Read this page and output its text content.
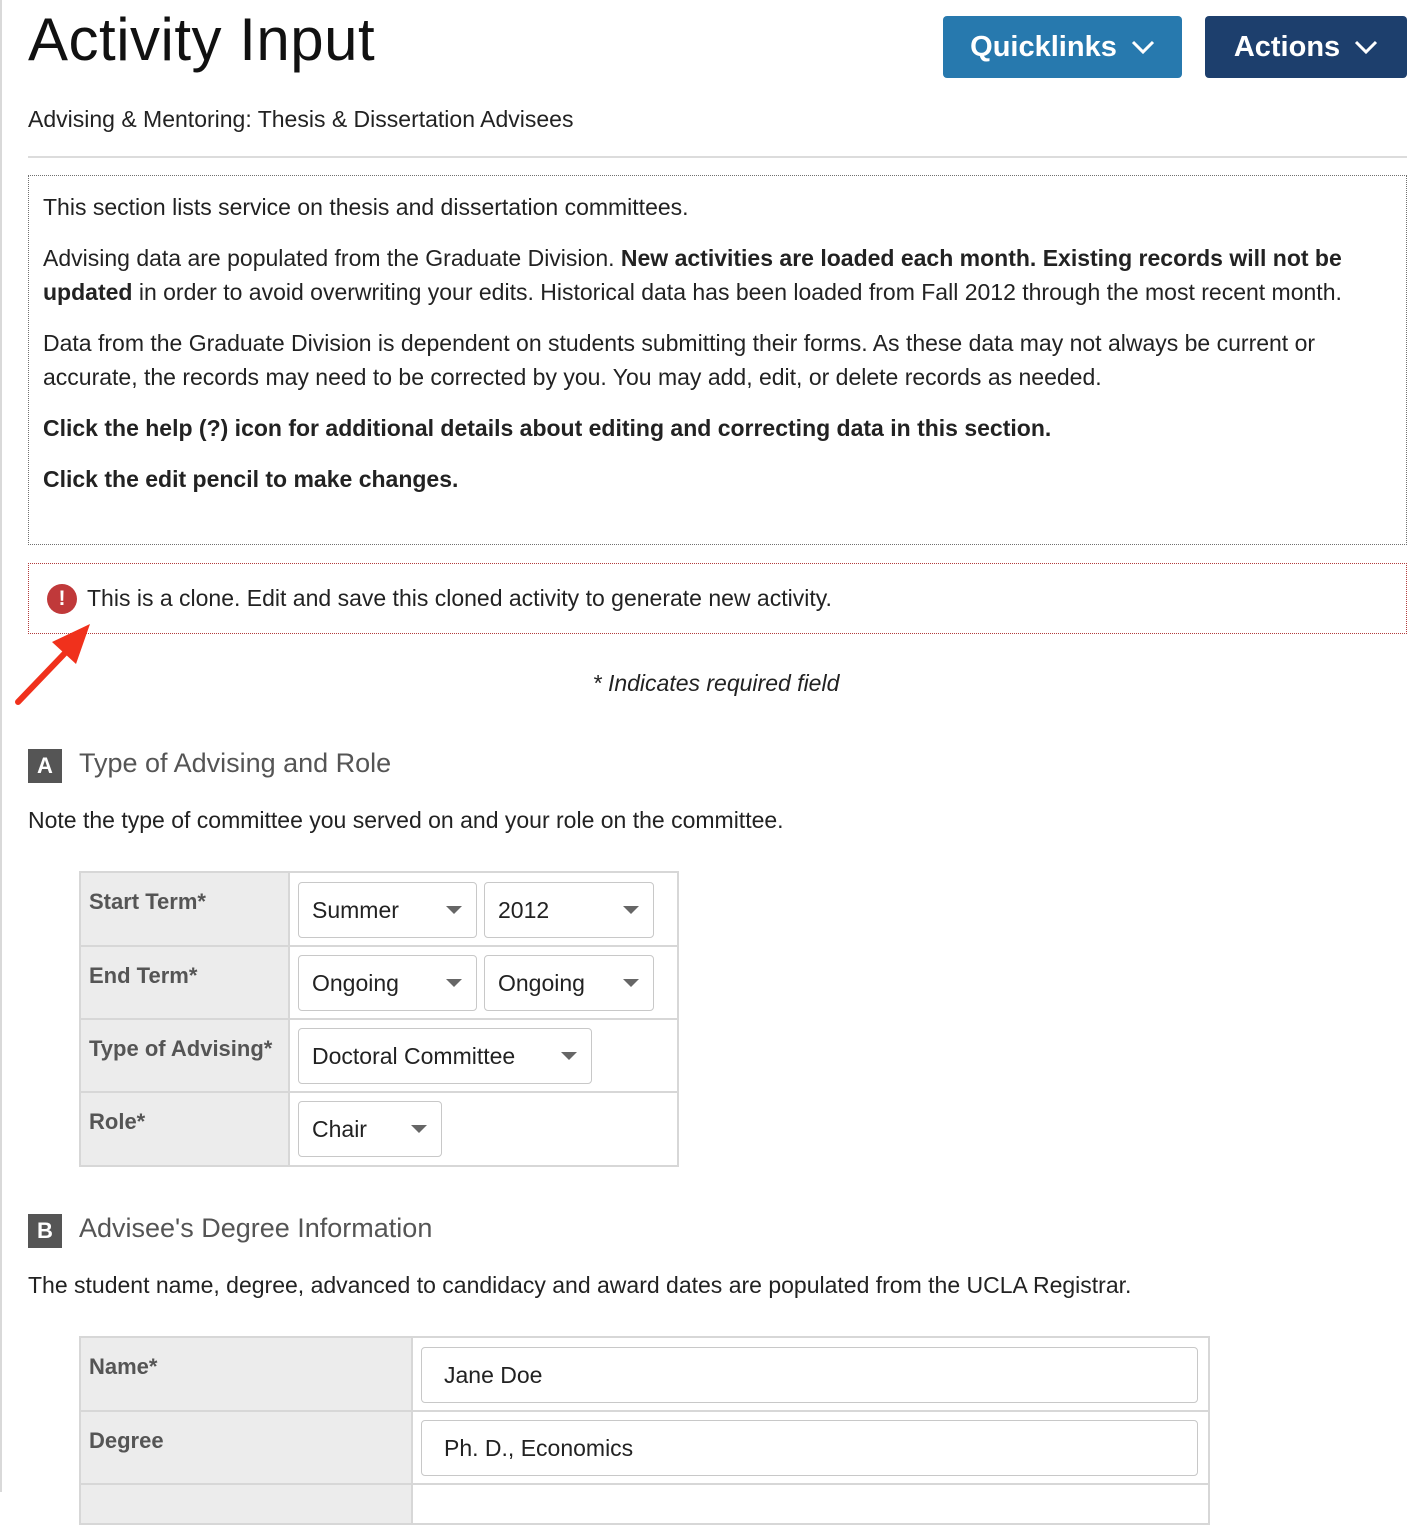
Activity Input	Quicklinks	Actions
Advising & Mentoring: Thesis & Dissertation Advisees

This section lists service on thesis and dissertation committees.

Advising data are populated from the Graduate Division. New activities are loaded each month. Existing records will not be updated in order to avoid overwriting your edits. Historical data has been loaded from Fall 2012 through the most recent month.

Data from the Graduate Division is dependent on students submitting their forms. As these data may not always be current or accurate, the records may need to be corrected by you. You may add, edit, or delete records as needed.

Click the help (?) icon for additional details about editing and correcting data in this section.

Click the edit pencil to make changes.

! This is a clone. Edit and save this cloned activity to generate new activity.
* Indicates required field
A Type of Advising and Role
Note the type of committee you served on and your role on the committee.
Start Term*	Summer 2012

End Term*	Ongoing Ongoing

Type of Advising*	Doctoral Committee

Role*	Chair
B Advisee's Degree Information
The student name, degree, advanced to candidacy and award dates are populated from the UCLA Registrar.
Name*	Jane Doe

Degree	Ph. D., Economics
